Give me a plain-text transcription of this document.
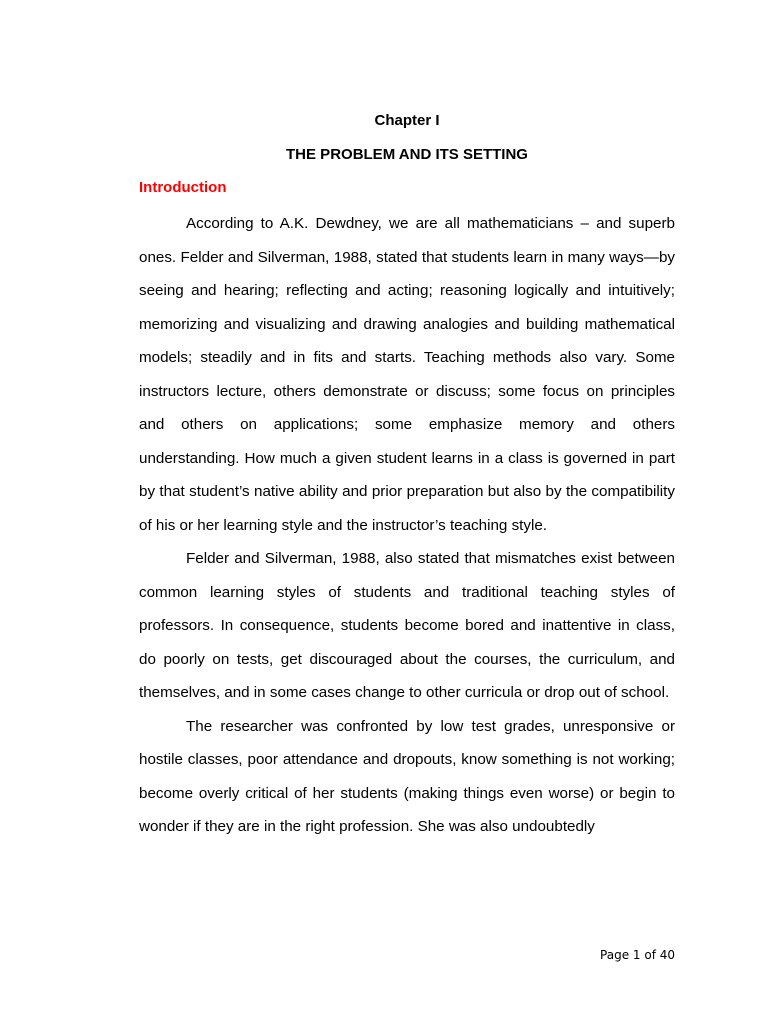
Chapter I
THE PROBLEM AND ITS SETTING
Introduction

According to A.K. Dewdney, we are all mathematicians – and superb ones. Felder and Silverman, 1988, stated that students learn in many ways—by seeing and hearing; reflecting and acting; reasoning logically and intuitively; memorizing and visualizing and drawing analogies and building mathematical models; steadily and in fits and starts. Teaching methods also vary. Some instructors lecture, others demonstrate or discuss; some focus on principles and others on applications; some emphasize memory and others understanding. How much a given student learns in a class is governed in part by that student’s native ability and prior preparation but also by the compatibility of his or her learning style and the instructor’s teaching style.

Felder and Silverman, 1988, also stated that mismatches exist between common learning styles of students and traditional teaching styles of professors. In consequence, students become bored and inattentive in class, do poorly on tests, get discouraged about the courses, the curriculum, and themselves, and in some cases change to other curricula or drop out of school.

The researcher was confronted by low test grades, unresponsive or hostile classes, poor attendance and dropouts, know something is not working; become overly critical of her students (making things even worse) or begin to wonder if they are in the right profession. She was also undoubtedly

Page 1 of 40
